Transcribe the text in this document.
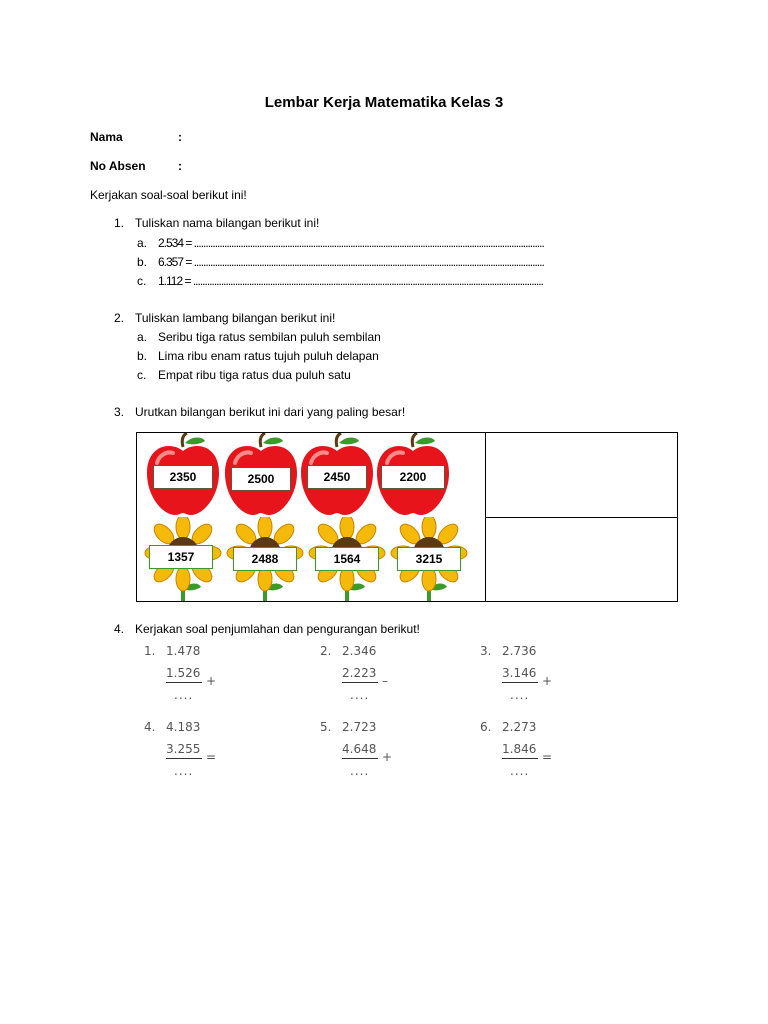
Lembar Kerja Matematika Kelas 3
Nama	:
No Absen	:
Kerjakan soal-soal berikut ini!
1. Tuliskan nama bilangan berikut ini!
a. 2.534 = ......................................................................................................................................................
b. 6.357 = ......................................................................................................................................................
c. 1.112 = ......................................................................................................................................................
2. Tuliskan lambang bilangan berikut ini!
a. Seribu tiga ratus sembilan puluh sembilan
b. Lima ribu enam ratus tujuh puluh delapan
c. Empat ribu tiga ratus dua puluh satu
3. Urutkan bilangan berikut ini dari yang paling besar!
2350	2500	2450	2200
1357	2488	1564	3215
4. Kerjakan soal penjumlahan dan pengurangan berikut!
1. 1.478
1.526
+
....
2. 2.346
2.223
–
....
3. 2.736
3.146
+
....
4. 4.183
3.255
=
....
5. 2.723
4.648
+
....
6. 2.273
1.846
=
....
